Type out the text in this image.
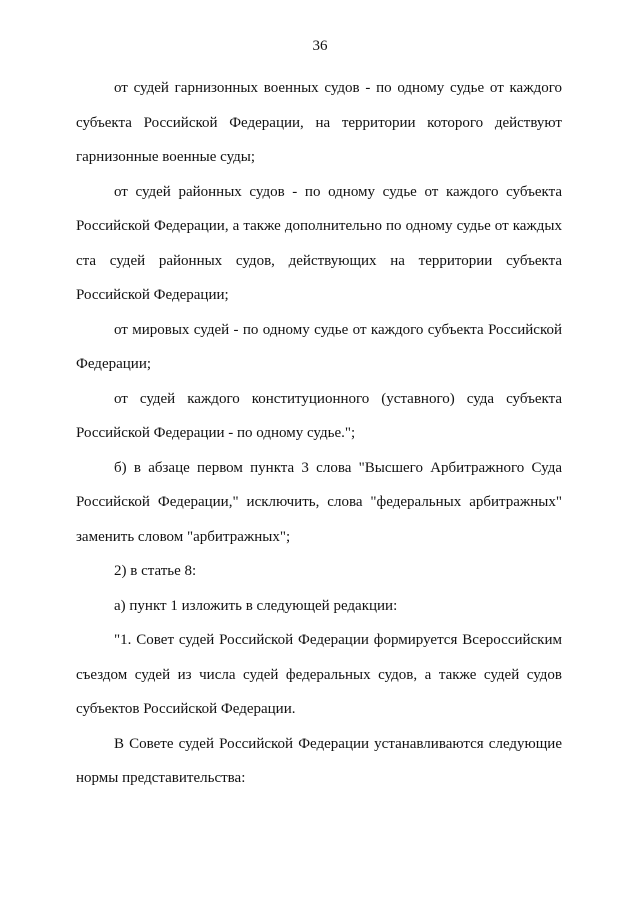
36

от судей гарнизонных военных судов - по одному судье от каждого субъекта Российской Федерации, на территории которого действуют гарнизонные военные суды;

от судей районных судов - по одному судье от каждого субъекта Российской Федерации, а также дополнительно по одному судье от каждых ста судей районных судов, действующих на территории субъекта Российской Федерации;

от мировых судей - по одному судье от каждого субъекта Российской Федерации;

от судей каждого конституционного (уставного) суда субъекта Российской Федерации - по одному судье.";

б) в абзаце первом пункта 3 слова "Высшего Арбитражного Суда Российской Федерации," исключить, слова "федеральных арбитражных" заменить словом "арбитражных";

2) в статье 8:

а) пункт 1 изложить в следующей редакции:

"1. Совет судей Российской Федерации формируется Всероссийским съездом судей из числа судей федеральных судов, а также судей судов субъектов Российской Федерации.

В Совете судей Российской Федерации устанавливаются следующие нормы представительства:
